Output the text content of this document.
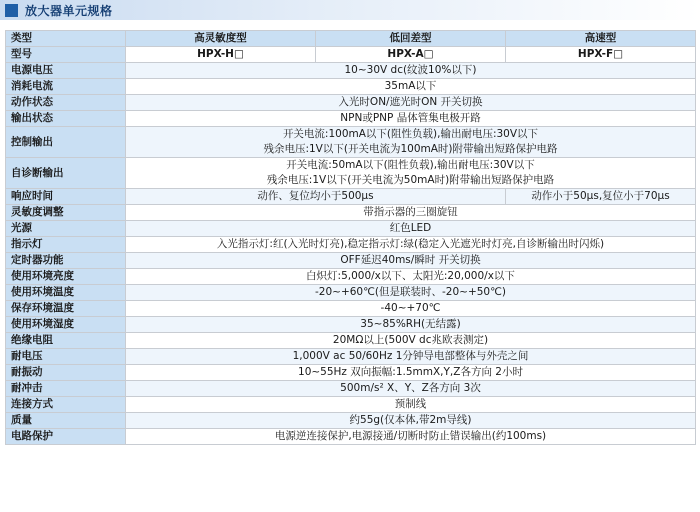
放大器单元规格
类型	高灵敏度型	低回差型	高速型
型号	HPX-H□	HPX-A□	HPX-F□
电源电压	10~30V dc(纹波10%以下)		

消耗电流	35mA以下		

动作状态	入光时ON/遮光时ON 开关切换		

输出状态	NPN或PNP 晶体管集电极开路		

控制输出	开关电流:100mA以下(阻性负载),输出耐电压:30V以下
残余电压:1V以下(开关电流为100mA时)附带输出短路保护电路		

自诊断输出	开关电流:50mA以下(阻性负载),输出耐电压:30V以下
残余电压:1V以下(开关电流为50mA时)附带输出短路保护电路		

响应时间	动作、复位均小于500μs		动作小于50μs,复位小于70μs
灵敏度调整	带指示器的三圈旋钮		

光源	红色LED		

指示灯	入光指示灯:红(入光时灯亮),稳定指示灯:绿(稳定入光遮光时灯亮,自诊断输出时闪烁)		

定时器功能	OFF延迟40ms/瞬时 开关切换		

使用环境亮度	白炽灯:5,000/x以下、太阳光:20,000/x以下		

使用环境温度	-20~+60℃(但是联装时、-20~+50℃)		

保存环境温度	-40~+70℃		

使用环境湿度	35~85%RH(无结露)		

绝缘电阻	20MΩ以上(500V dc兆欧表测定)		

耐电压	1,000V ac 50/60Hz 1分钟导电部整体与外壳之间		

耐振动	10~55Hz 双向振幅:1.5mmX,Y,Z各方向 2小时		

耐冲击	500m/s² X、Y、Z各方向 3次		

连接方式	预制线		

质量	约55g(仅本体,带2m导线)		

电路保护	电源逆连接保护,电源接通/切断时防止错误输出(约100ms)		
